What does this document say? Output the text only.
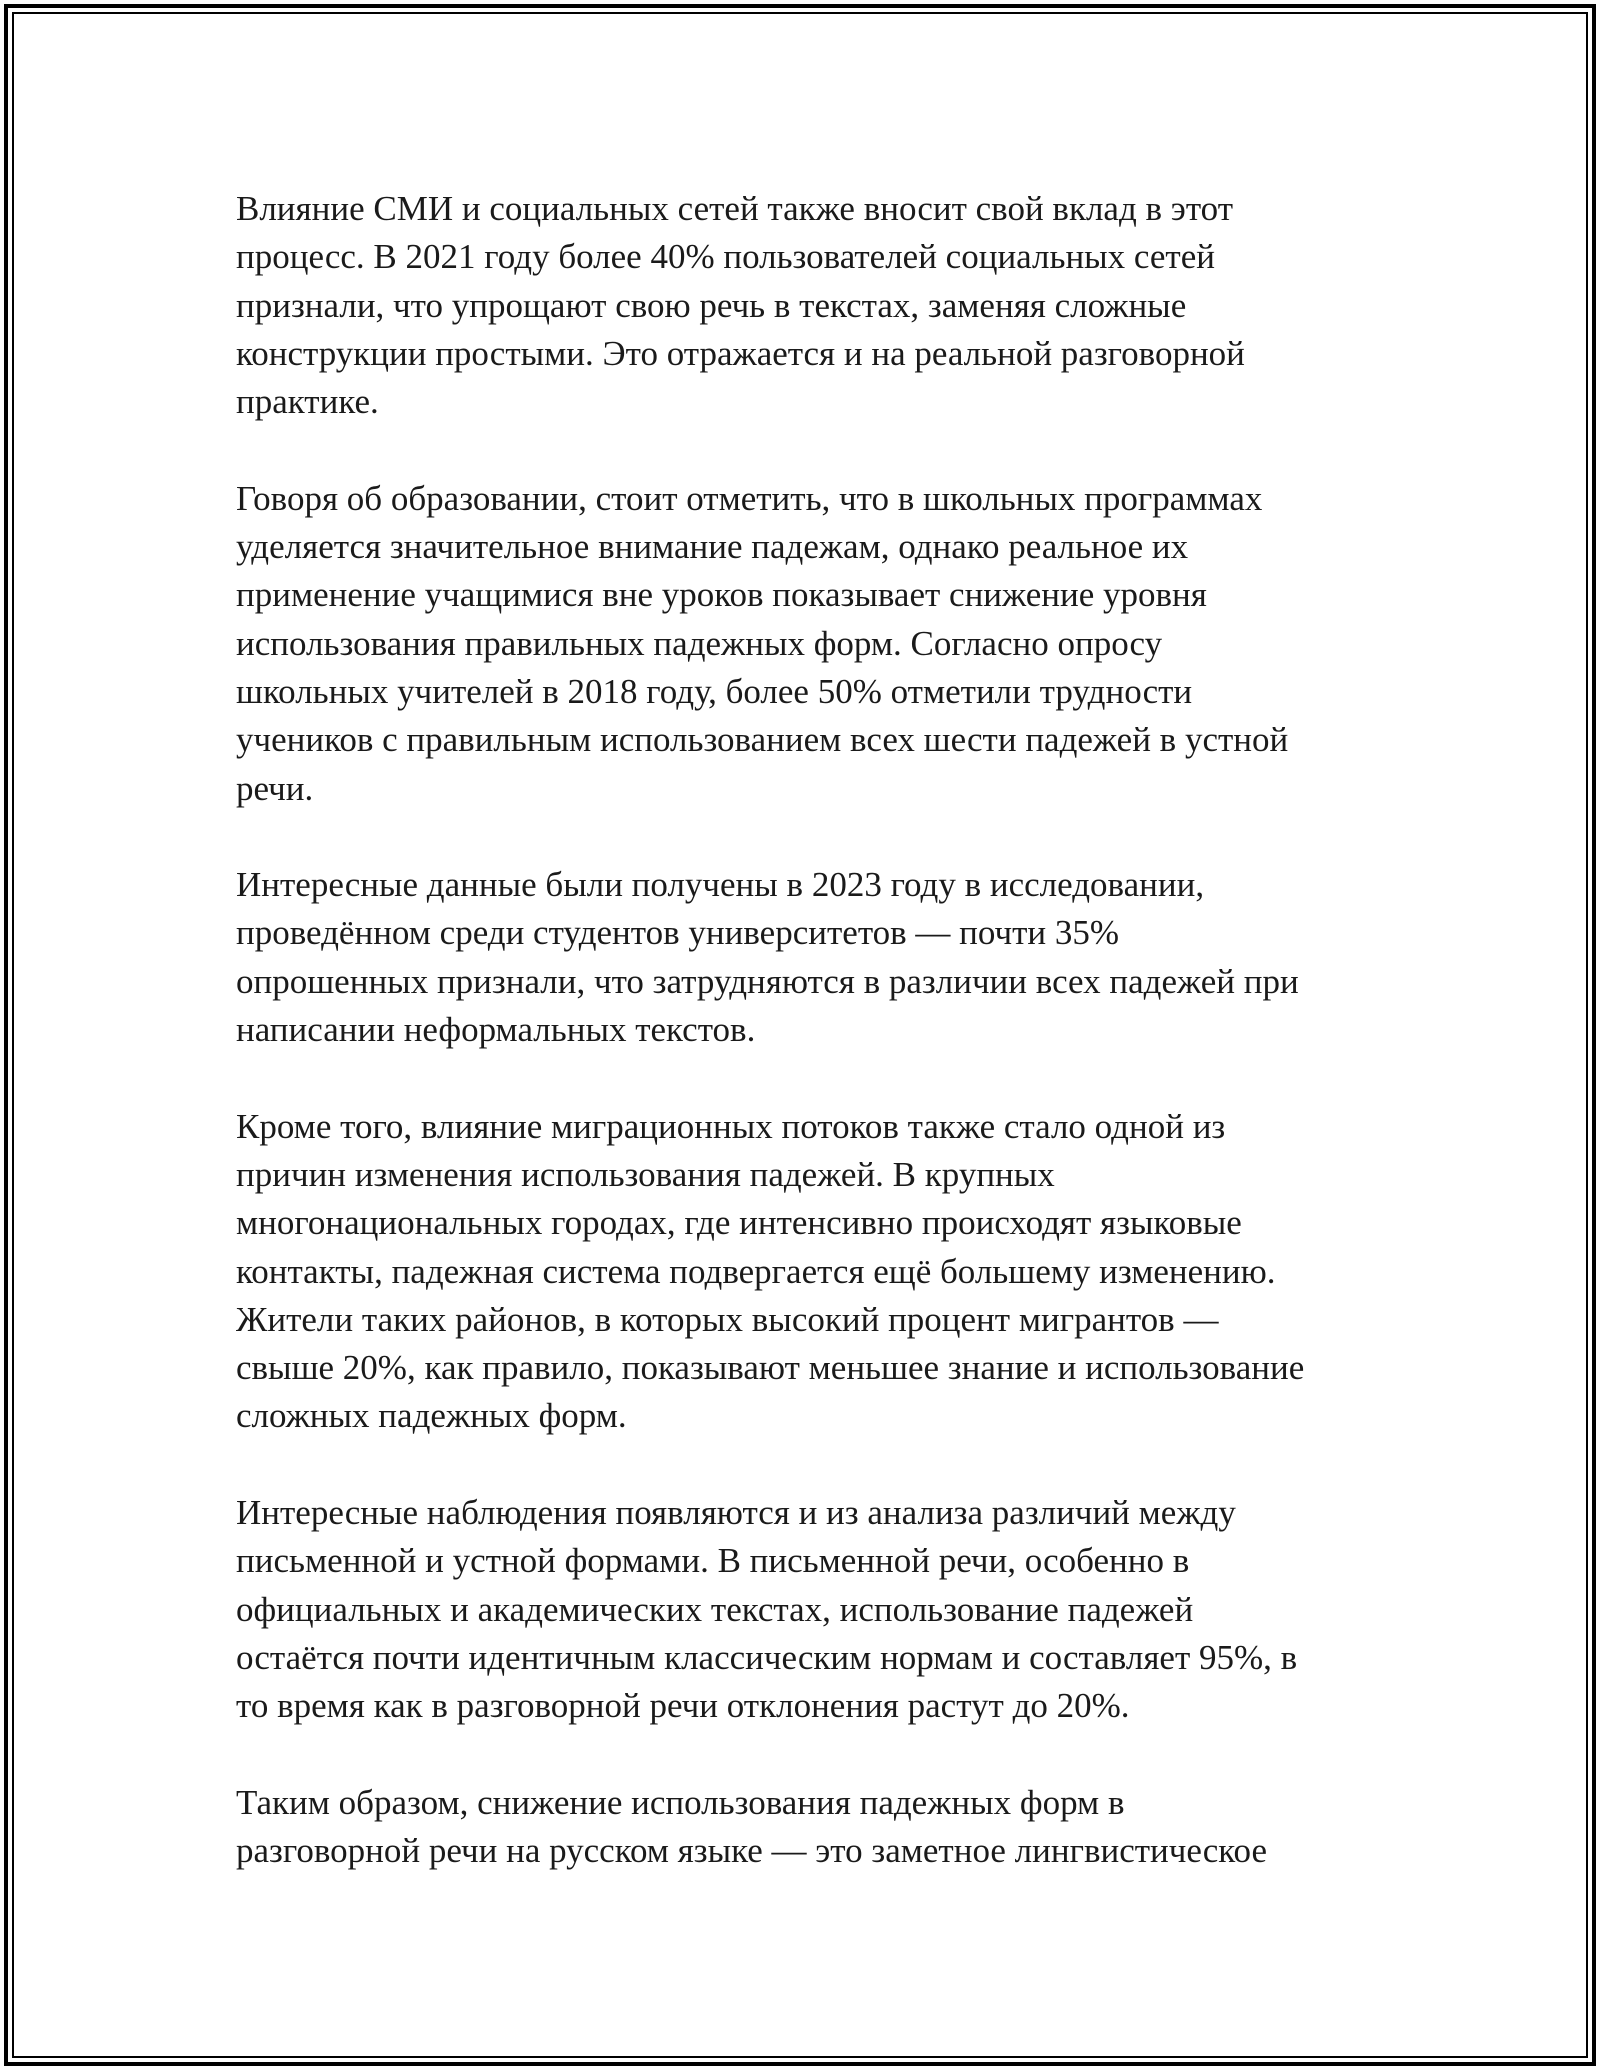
Влияние СМИ и социальных сетей также вносит свой вклад в этот
процесс. В 2021 году более 40% пользователей социальных сетей
признали, что упрощают свою речь в текстах, заменяя сложные
конструкции простыми. Это отражается и на реальной разговорной
практике.

Говоря об образовании, стоит отметить, что в школьных программах
уделяется значительное внимание падежам, однако реальное их
применение учащимися вне уроков показывает снижение уровня
использования правильных падежных форм. Согласно опросу
школьных учителей в 2018 году, более 50% отметили трудности
учеников с правильным использованием всех шести падежей в устной
речи.

Интересные данные были получены в 2023 году в исследовании,
проведённом среди студентов университетов — почти 35%
опрошенных признали, что затрудняются в различии всех падежей при
написании неформальных текстов.

Кроме того, влияние миграционных потоков также стало одной из
причин изменения использования падежей. В крупных
многонациональных городах, где интенсивно происходят языковые
контакты, падежная система подвергается ещё большему изменению.
Жители таких районов, в которых высокий процент мигрантов —
свыше 20%, как правило, показывают меньшее знание и использование
сложных падежных форм.

Интересные наблюдения появляются и из анализа различий между
письменной и устной формами. В письменной речи, особенно в
официальных и академических текстах, использование падежей
остаётся почти идентичным классическим нормам и составляет 95%, в
то время как в разговорной речи отклонения растут до 20%.

Таким образом, снижение использования падежных форм в
разговорной речи на русском языке — это заметное лингвистическое
